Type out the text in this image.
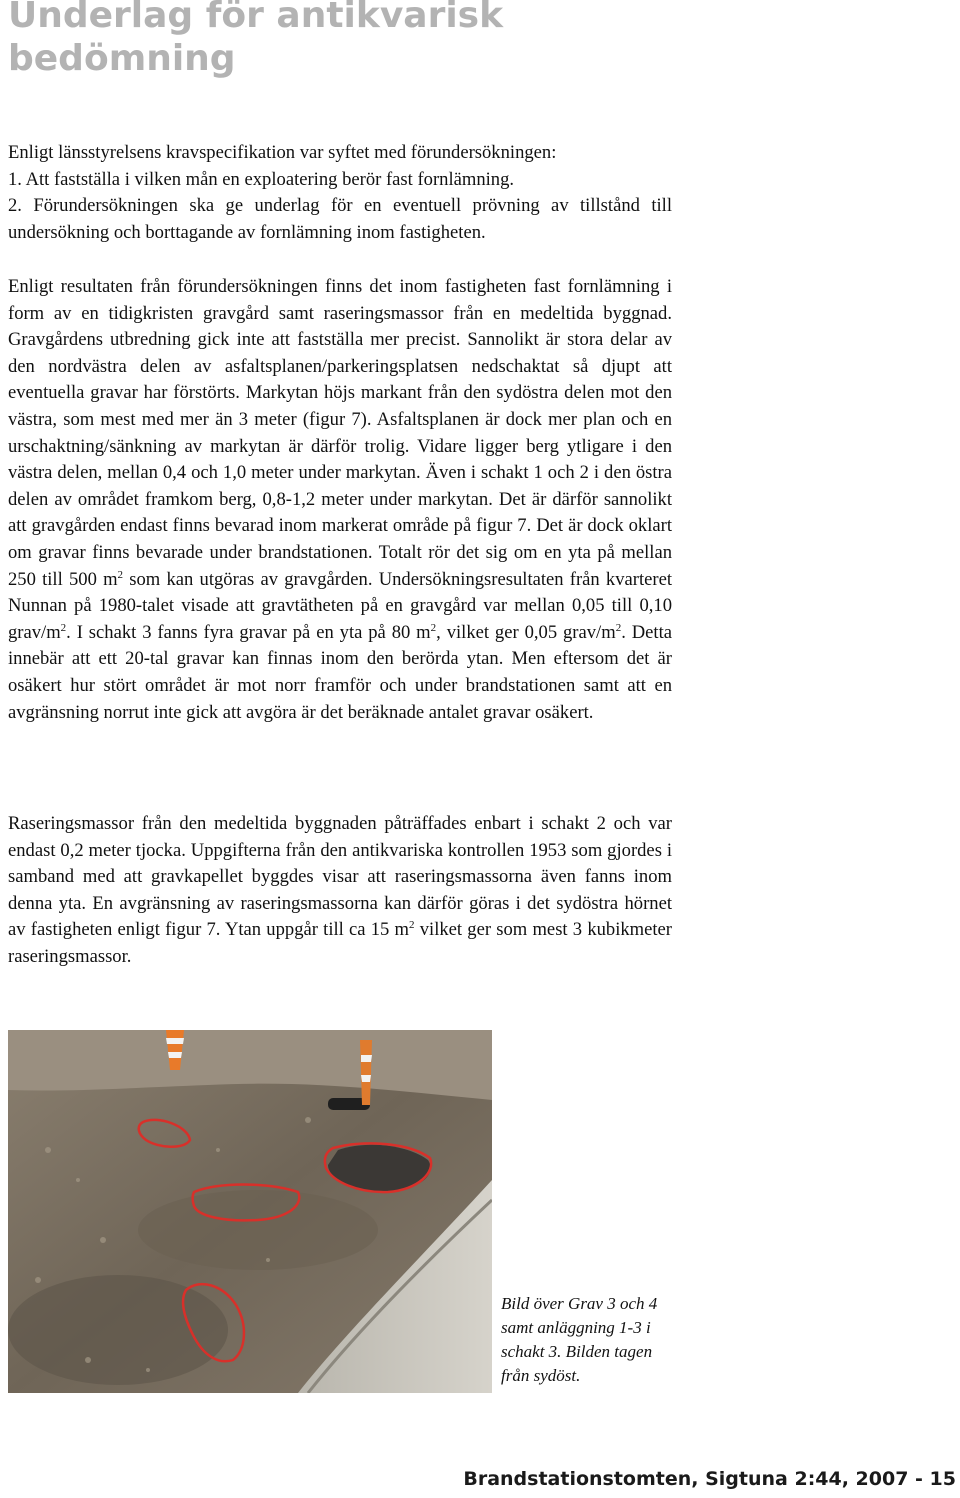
Underlag för antikvarisk bedömning
Enligt länsstyrelsens kravspecifikation var syftet med förundersökningen:
1. Att fastställa i vilken mån en exploatering berör fast fornlämning.
2. Förundersökningen ska ge underlag för en eventuell prövning av tillstånd till undersökning och borttagande av fornlämning inom fastigheten.

Enligt resultaten från förundersökningen finns det inom fastigheten fast fornlämning i form av en tidigkristen gravgård samt raseringsmassor från en medeltida byggnad. Gravgårdens utbredning gick inte att fastställa mer precist. Sannolikt är stora delar av den nordvästra delen av asfaltsplanen/parkeringsplatsen nedschaktat så djupt att eventuella gravar har förstörts. Markytan höjs markant från den sydöstra delen mot den västra, som mest med mer än 3 meter (figur 7). Asfaltsplanen är dock mer plan och en urschaktning/sänkning av markytan är därför trolig. Vidare ligger berg ytligare i den västra delen, mellan 0,4 och 1,0 meter under markytan. Även i schakt 1 och 2 i den östra delen av området framkom berg, 0,8-1,2 meter under markytan. Det är därför sannolikt att gravgården endast finns bevarad inom markerat område på figur 7. Det är dock oklart om gravar finns bevarade under brandstationen. Totalt rör det sig om en yta på mellan 250 till 500 $m^2$ som kan utgöras av gravgården. Undersökningsresultaten från kvarteret Nunnan på 1980-talet visade att gravtätheten på en gravgård var mellan 0,05 till 0,10 grav/$m^2$. I schakt 3 fanns fyra gravar på en yta på 80 $m^2$, vilket ger 0,05 grav/$m^2$. Detta innebär att ett 20-tal gravar kan finnas inom den berörda ytan. Men eftersom det är osäkert hur stört området är mot norr framför och under brandstationen samt att en avgränsning norrut inte gick att avgöra är det beräknade antalet gravar osäkert.

Raseringsmassor från den medeltida byggnaden påträffades enbart i schakt 2 och var endast 0,2 meter tjocka. Uppgifterna från den antikvariska kontrollen 1953 som gjordes i samband med att gravkapellet byggdes visar att raseringsmassorna även fanns inom denna yta. En avgränsning av raseringsmassorna kan därför göras i det sydöstra hörnet av fastigheten enligt figur 7. Ytan uppgår till ca 15 $m^2$ vilket ger som mest 3 kubikmeter raseringsmassor.

Bild över Grav 3 och 4 samt anläggning 1-3 i schakt 3. Bilden tagen från sydöst.

Brandstationstomten, Sigtuna 2:44, 2007 - 15
